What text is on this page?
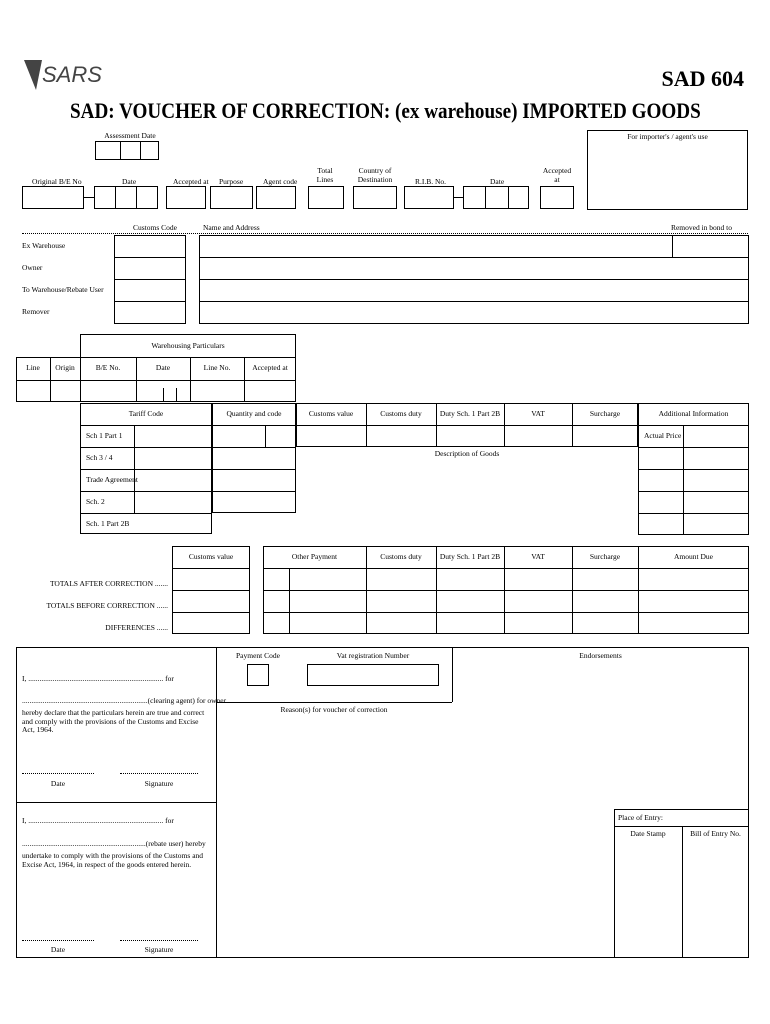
SARS	SAD 604
SAD: VOUCHER OF CORRECTION: (ex warehouse) IMPORTED GOODS
Assessment Date	For importer's / agent's use
Original B/E No	Date	Accepted at Purpose	Agent code
Total Lines
Country of Destination	R.I.B. No.	Date
Accepted at
Customs Code	Name and Address	Removed in bond to
Ex Warehouse
Owner
To Warehouse/Rebate User
Remover
Warehousing Particulars
Line	Origin	B/E No.	Date	Line No.	Accepted at
Tariff Code
Sch 1 Part 1
Sch 3 / 4
Trade Agreement
Sch. 2
Sch. 1 Part 2B
Quantity and code	Customs value	Customs duty	Duty Sch. 1 Part 2B	VAT	Surcharge
Description of Goods
Additional Information
Actual Price
Customs value	Other Payment	Customs duty	Duty Sch. 1 Part 2B	VAT	Surcharge	Amount Due
TOTALS AFTER CORRECTION .......
TOTALS BEFORE CORRECTION ......
DIFFERENCES ......
Payment Code	Vat registration Number	Endorsements
Reason(s) for voucher of correction
I, ........................................................................ for
...................................................................(clearing agent) for owner
hereby declare that the particulars herein are true and correct and comply with the provisions of the Customs and Excise Act, 1964.
Date	Signature
I, ........................................................................ for
..................................................................(rebate user) hereby
undertake to comply with the provisions of the Customs and Excise Act, 1964, in respect of the goods entered herein.
Date	Signature
Place of Entry:
Date Stamp	Bill of Entry No.
